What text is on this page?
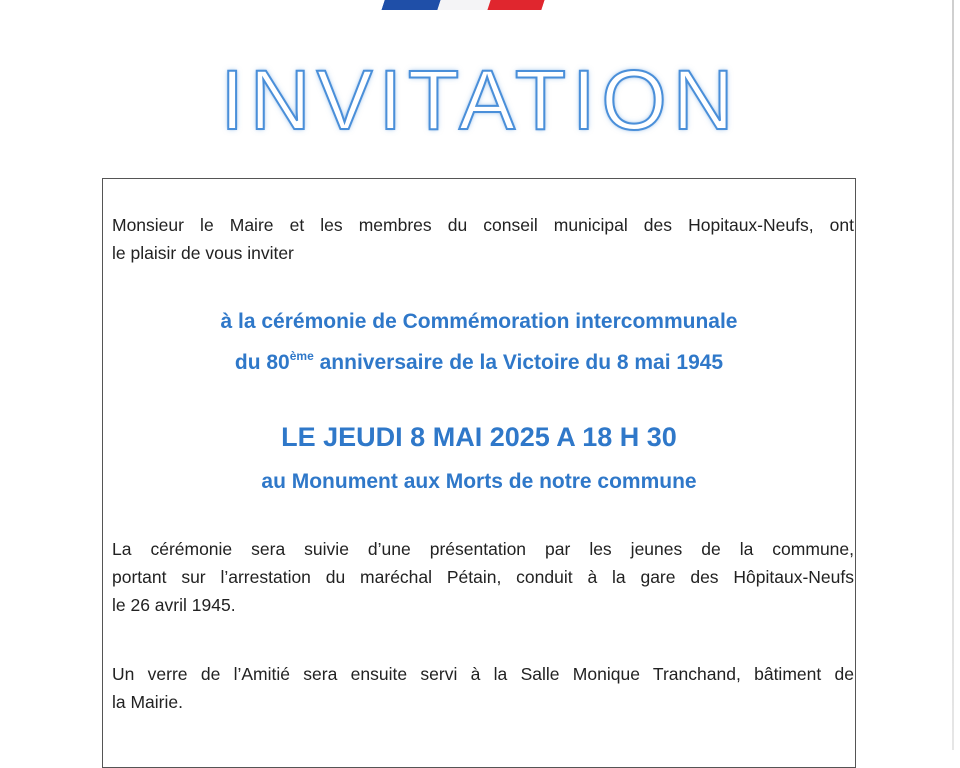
INVITATION
Monsieur le Maire et les membres du conseil municipal des Hopitaux-Neufs, ont
le plaisir de vous inviter
à la cérémonie de Commémoration intercommunale
du 80ème anniversaire de la Victoire du 8 mai 1945
LE JEUDI 8 MAI 2025 A 18 H 30
au Monument aux Morts de notre commune
La cérémonie sera suivie d’une présentation par les jeunes de la commune,
portant sur l’arrestation du maréchal Pétain, conduit à la gare des Hôpitaux-Neufs
le 26 avril 1945.
Un verre de l’Amitié sera ensuite servi à la Salle Monique Tranchand, bâtiment de
la Mairie.
